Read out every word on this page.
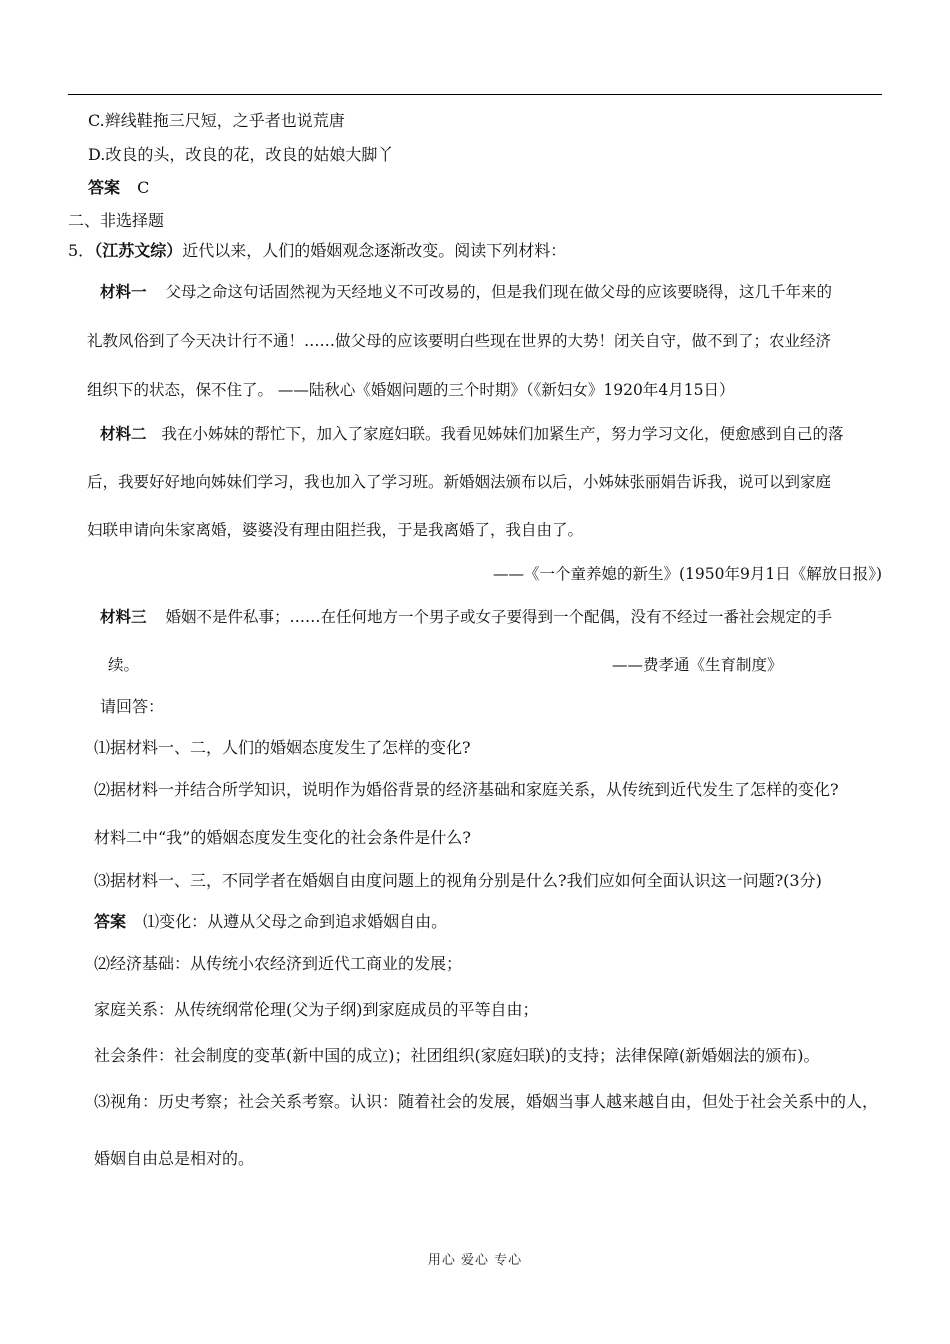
C.辫线鞋拖三尺短，之乎者也说荒唐
D.改良的头，改良的花，改良的姑娘大脚丫
答案 C
二、非选择题
5．（江苏文综）近代以来，人们的婚姻观念逐渐改变。阅读下列材料：
材料一 父母之命这句话固然视为天经地义不可改易的，但是我们现在做父母的应该要晓得，这几千年来的
礼教风俗到了今天决计行不通！……做父母的应该要明白些现在世界的大势！闭关自守，做不到了；农业经济
组织下的状态，保不住了。 ——陆秋心《婚姻问题的三个时期》（《新妇女》1920年4月15日）
材料二 我在小姊妹的帮忙下，加入了家庭妇联。我看见姊妹们加紧生产，努力学习文化，便愈感到自己的落
后，我要好好地向姊妹们学习，我也加入了学习班。新婚姻法颁布以后，小姊妹张丽娟告诉我，说可以到家庭
妇联申请向朱家离婚，婆婆没有理由阻拦我，于是我离婚了，我自由了。
——《一个童养媳的新生》(1950年9月1日《解放日报》)
材料三 婚姻不是件私事；……在任何地方一个男子或女子要得到一个配偶，没有不经过一番社会规定的手
续。	——费孝通《生育制度》
请回答：
⑴据材料一、二，人们的婚姻态度发生了怎样的变化?
⑵据材料一并结合所学知识，说明作为婚俗背景的经济基础和家庭关系，从传统到近代发生了怎样的变化?
材料二中“我”的婚姻态度发生变化的社会条件是什么?
⑶据材料一、三，不同学者在婚姻自由度问题上的视角分别是什么?我们应如何全面认识这一问题?(3分)
答案 ⑴变化：从遵从父母之命到追求婚姻自由。
⑵经济基础：从传统小农经济到近代工商业的发展；
家庭关系：从传统纲常伦理(父为子纲)到家庭成员的平等自由；
社会条件：社会制度的变革(新中国的成立)；社团组织(家庭妇联)的支持；法律保障(新婚姻法的颁布)。
⑶视角：历史考察；社会关系考察。认识：随着社会的发展，婚姻当事人越来越自由，但处于社会关系中的人，
婚姻自由总是相对的。
用心 爱心 专心
